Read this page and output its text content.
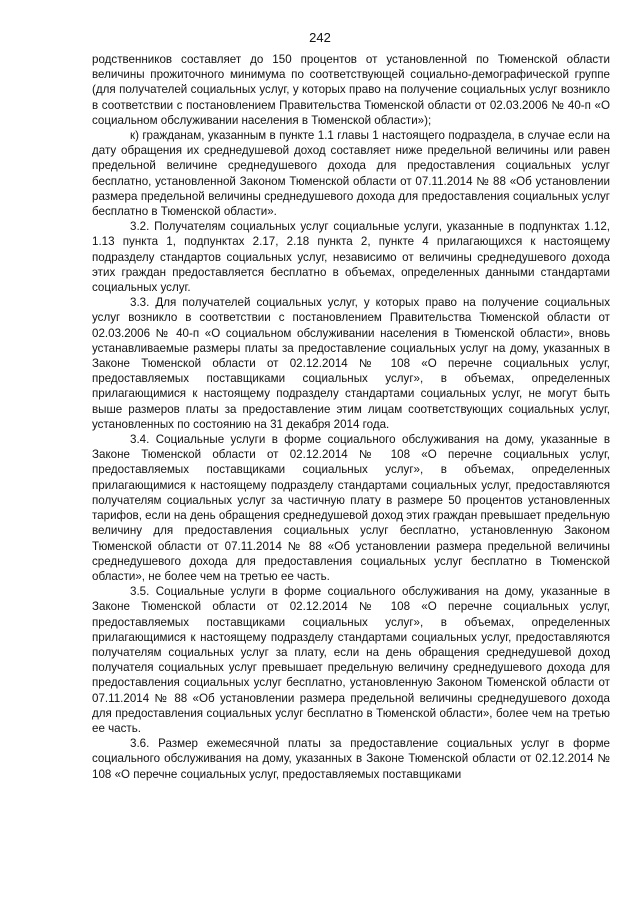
242

родственников составляет до 150 процентов от установленной по Тюменской области величины прожиточного минимума по соответствующей социально-демографической группе (для получателей социальных услуг, у которых право на получение социальных услуг возникло в соответствии с постановлением Правительства Тюменской области от 02.03.2006 № 40-п «О социальном обслуживании населения в Тюменской области»);

к) гражданам, указанным в пункте 1.1 главы 1 настоящего подраздела, в случае если на дату обращения их среднедушевой доход составляет ниже предельной величины или равен предельной величине среднедушевого дохода для предоставления социальных услуг бесплатно, установленной Законом Тюменской области от 07.11.2014 № 88 «Об установлении размера предельной величины среднедушевого дохода для предоставления социальных услуг бесплатно в Тюменской области».

3.2. Получателям социальных услуг социальные услуги, указанные в подпунктах 1.12, 1.13 пункта 1, подпунктах 2.17, 2.18 пункта 2, пункте 4 прилагающихся к настоящему подразделу стандартов социальных услуг, независимо от величины среднедушевого дохода этих граждан предоставляется бесплатно в объемах, определенных данными стандартами социальных услуг.

3.3. Для получателей социальных услуг, у которых право на получение социальных услуг возникло в соответствии с постановлением Правительства Тюменской области от 02.03.2006 № 40-п «О социальном обслуживании населения в Тюменской области», вновь устанавливаемые размеры платы за предоставление социальных услуг на дому, указанных в Законе Тюменской области от 02.12.2014 № 108 «О перечне социальных услуг, предоставляемых поставщиками социальных услуг», в объемах, определенных прилагающимися к настоящему подразделу стандартами социальных услуг, не могут быть выше размеров платы за предоставление этим лицам соответствующих социальных услуг, установленных по состоянию на 31 декабря 2014 года.

3.4. Социальные услуги в форме социального обслуживания на дому, указанные в Законе Тюменской области от 02.12.2014 № 108 «О перечне социальных услуг, предоставляемых поставщиками социальных услуг», в объемах, определенных прилагающимися к настоящему подразделу стандартами социальных услуг, предоставляются получателям социальных услуг за частичную плату в размере 50 процентов установленных тарифов, если на день обращения среднедушевой доход этих граждан превышает предельную величину для предоставления социальных услуг бесплатно, установленную Законом Тюменской области от 07.11.2014 № 88 «Об установлении размера предельной величины среднедушевого дохода для предоставления социальных услуг бесплатно в Тюменской области», не более чем на третью ее часть.

3.5. Социальные услуги в форме социального обслуживания на дому, указанные в Законе Тюменской области от 02.12.2014 № 108 «О перечне социальных услуг, предоставляемых поставщиками социальных услуг», в объемах, определенных прилагающимися к настоящему подразделу стандартами социальных услуг, предоставляются получателям социальных услуг за плату, если на день обращения среднедушевой доход получателя социальных услуг превышает предельную величину среднедушевого дохода для предоставления социальных услуг бесплатно, установленную Законом Тюменской области от 07.11.2014 № 88 «Об установлении размера предельной величины среднедушевого дохода для предоставления социальных услуг бесплатно в Тюменской области», более чем на третью ее часть.

3.6. Размер ежемесячной платы за предоставление социальных услуг в форме социального обслуживания на дому, указанных в Законе Тюменской области от 02.12.2014 № 108 «О перечне социальных услуг, предоставляемых поставщиками
